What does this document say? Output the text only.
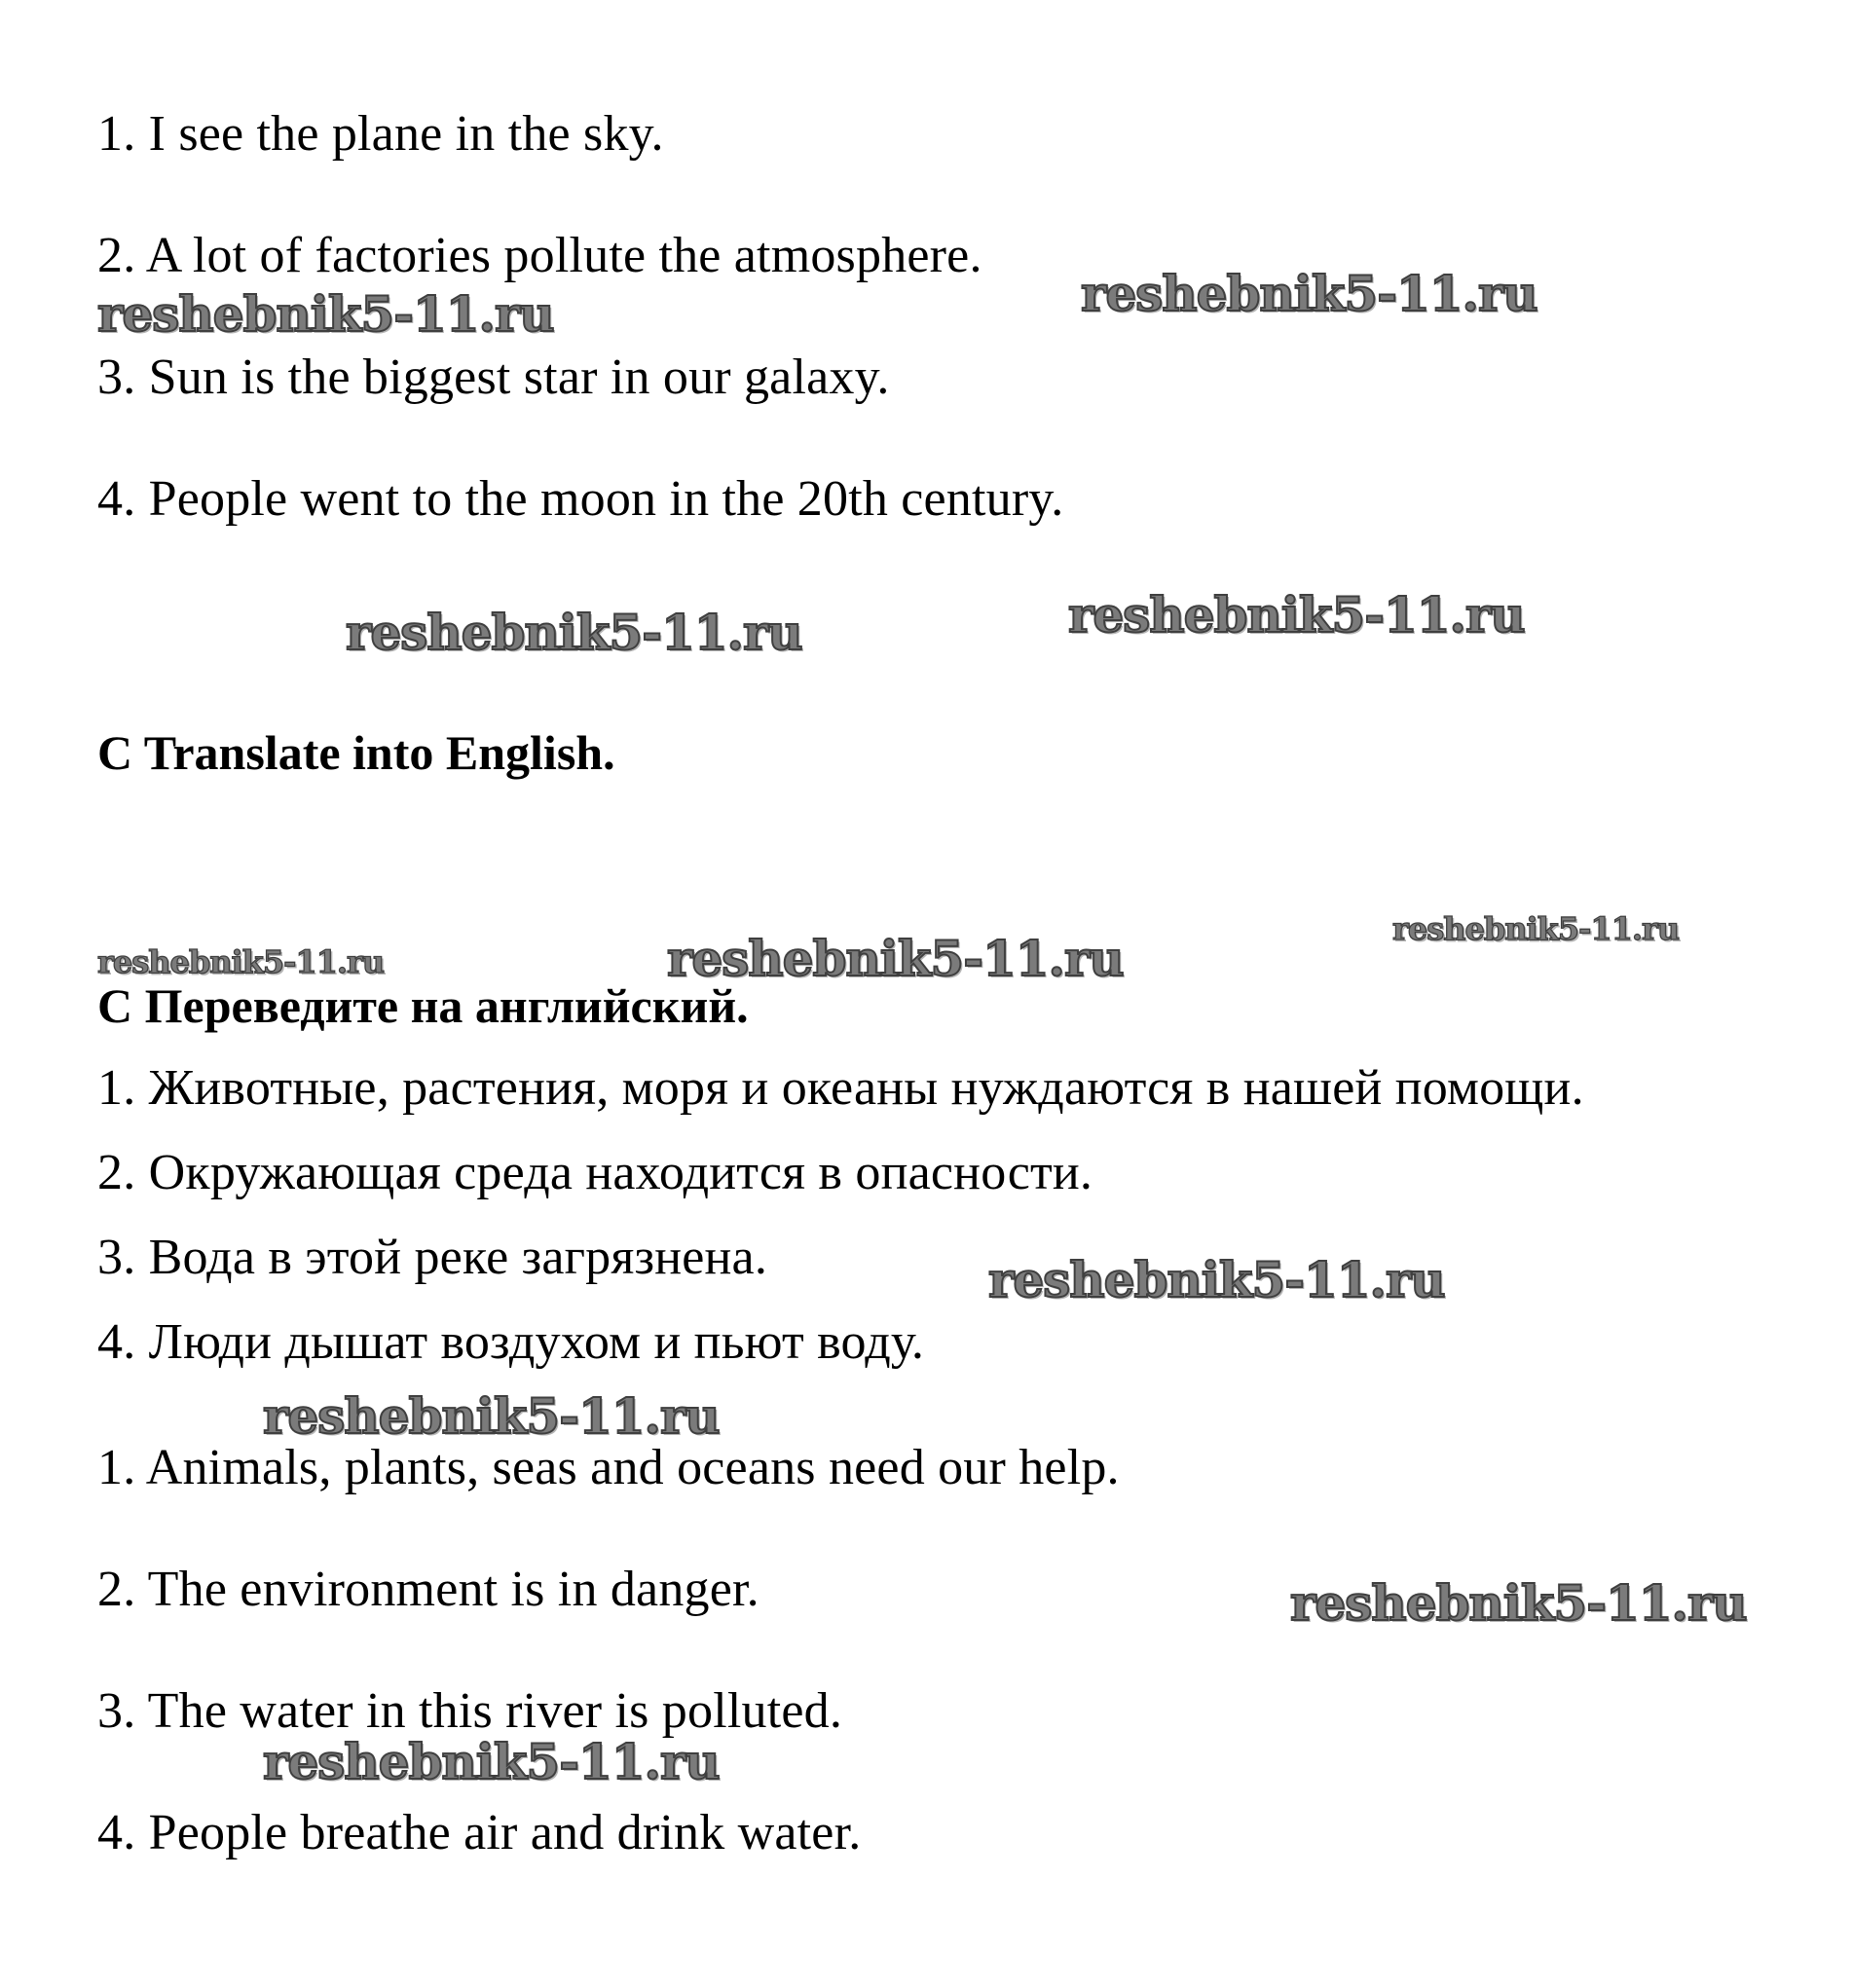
1. I see the plane in the sky.
2. A lot of factories pollute the atmosphere.
3. Sun is the biggest star in our galaxy.
4. People went to the moon in the 20th century.
C Translate into English.
С Переведите на английский.
1. Животные, растения, моря и океаны нуждаются в нашей помощи.
2. Окружающая среда находится в опасности.
3. Вода в этой реке загрязнена.
4. Люди дышат воздухом и пьют воду.
1. Animals, plants, seas and oceans need our help.
2. The environment is in danger.
3. The water in this river is polluted.
4. People breathe air and drink water.
reshebnik5-11.ru	reshebnik5-11.ru
reshebnik5-11.ru	reshebnik5-11.ru
reshebnik5-11.ru	reshebnik5-11.ru
reshebnik5-11.ru
reshebnik5-11.ru
reshebnik5-11.ru
reshebnik5-11.ru
reshebnik5-11.ru
